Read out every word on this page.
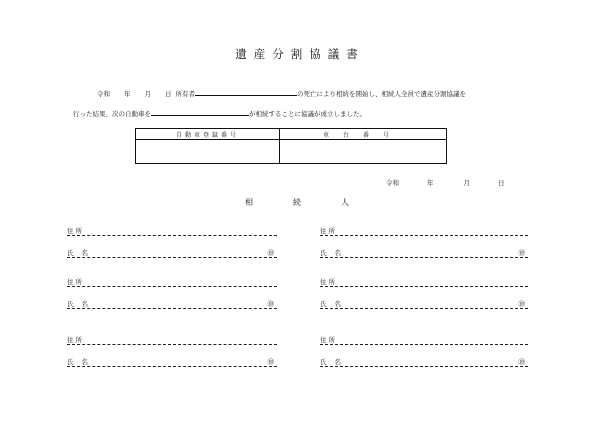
遺産分割協議書
令和 年 月 日 所有者	の死亡により相続を開始し、相続人全員で遺産分割協議を
行った結果、次の自動車を	が相続することに協議が成立しました。
自動車登録番号	車台番号
令和	年	月	日
相続人
住所
氏名	㊞
住所
氏名	㊞
住所
氏名	㊞
住所
氏名	㊞
住所
氏名	㊞
住所
氏名	㊞
